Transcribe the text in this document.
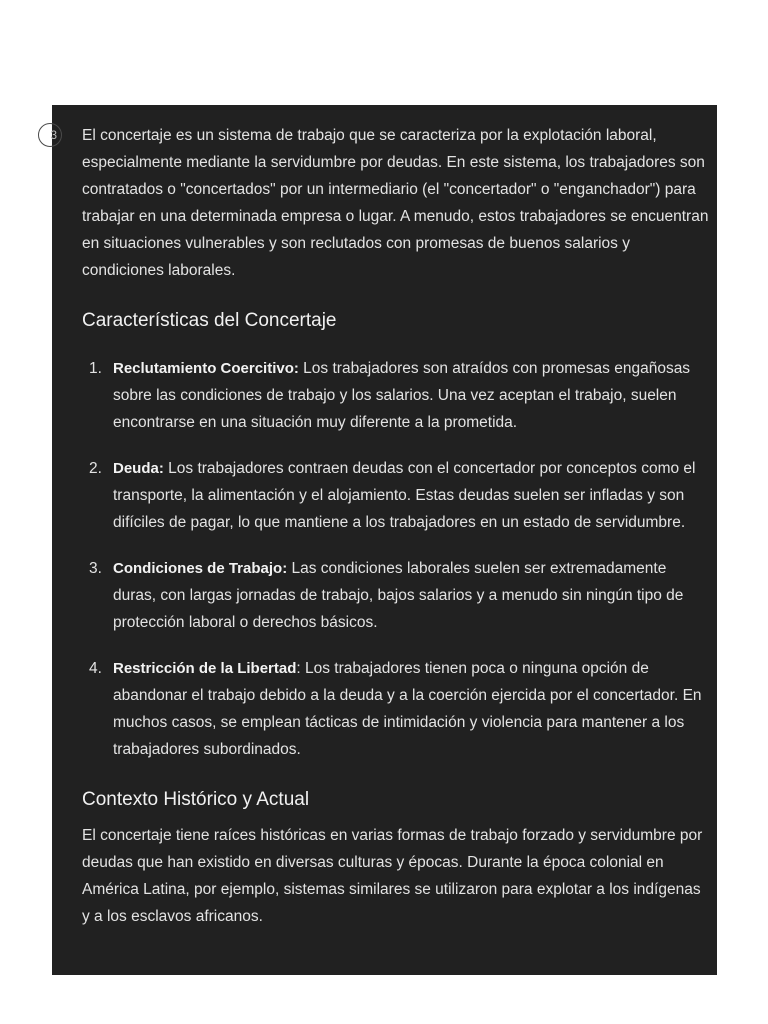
3	El concertaje es un sistema de trabajo que se caracteriza por la explotación laboral, especialmente mediante la servidumbre por deudas. En este sistema, los trabajadores son contratados o "concertados" por un intermediario (el "concertador" o "enganchador") para trabajar en una determinada empresa o lugar. A menudo, estos trabajadores se encuentran en situaciones vulnerables y son reclutados con promesas de buenos salarios y condiciones laborales.

Características del Concertaje
1. Reclutamiento Coercitivo: Los trabajadores son atraídos con promesas engañosas sobre las condiciones de trabajo y los salarios. Una vez aceptan el trabajo, suelen encontrarse en una situación muy diferente a la prometida.
2. Deuda: Los trabajadores contraen deudas con el concertador por conceptos como el transporte, la alimentación y el alojamiento. Estas deudas suelen ser infladas y son difíciles de pagar, lo que mantiene a los trabajadores en un estado de servidumbre.
3. Condiciones de Trabajo: Las condiciones laborales suelen ser extremadamente duras, con largas jornadas de trabajo, bajos salarios y a menudo sin ningún tipo de protección laboral o derechos básicos.
4. Restricción de la Libertad: Los trabajadores tienen poca o ninguna opción de abandonar el trabajo debido a la deuda y a la coerción ejercida por el concertador. En muchos casos, se emplean tácticas de intimidación y violencia para mantener a los trabajadores subordinados.
Contexto Histórico y Actual

El concertaje tiene raíces históricas en varias formas de trabajo forzado y servidumbre por deudas que han existido en diversas culturas y épocas. Durante la época colonial en América Latina, por ejemplo, sistemas similares se utilizaron para explotar a los indígenas y a los esclavos africanos.
